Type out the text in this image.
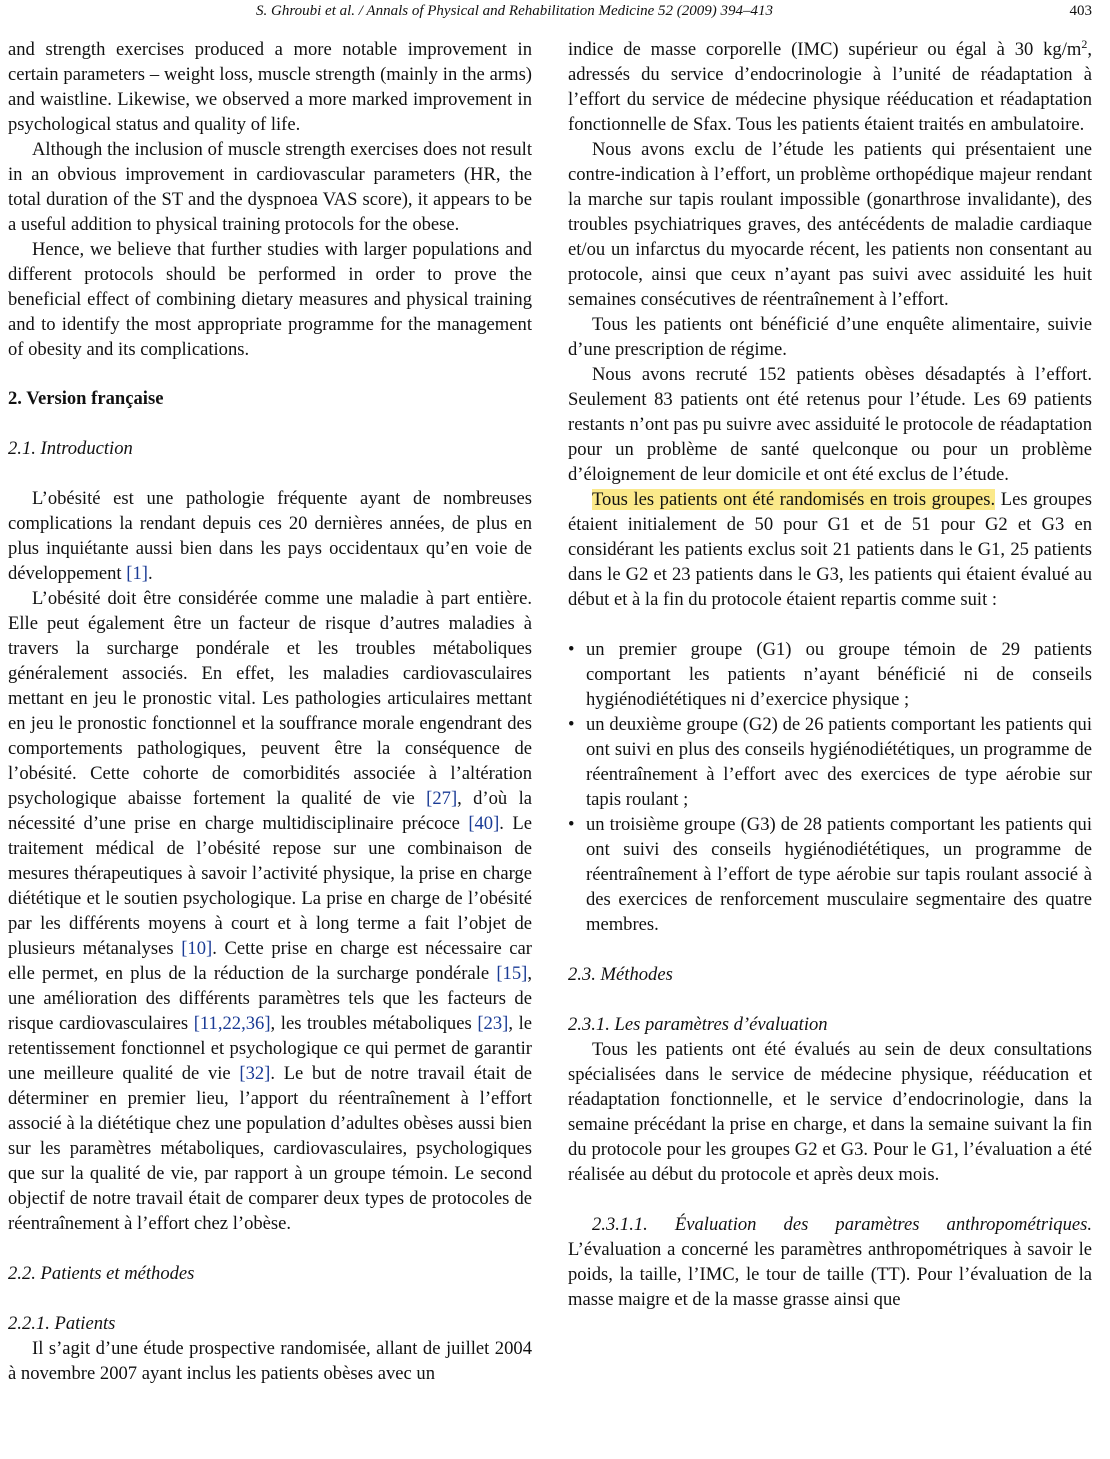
S. Ghroubi et al. / Annals of Physical and Rehabilitation Medicine 52 (2009) 394–413	403

and strength exercises produced a more notable improvement in certain parameters – weight loss, muscle strength (mainly in the arms) and waistline. Likewise, we observed a more marked improvement in psychological status and quality of life.

Although the inclusion of muscle strength exercises does not result in an obvious improvement in cardiovascular parameters (HR, the total duration of the ST and the dyspnoea VAS score), it appears to be a useful addition to physical training protocols for the obese.

Hence, we believe that further studies with larger populations and different protocols should be performed in order to prove the beneficial effect of combining dietary measures and physical training and to identify the most appropriate programme for the management of obesity and its complications.

2. Version française
2.1. Introduction

L’obésité est une pathologie fréquente ayant de nombreuses complications la rendant depuis ces 20 dernières années, de plus en plus inquiétante aussi bien dans les pays occidentaux qu’en voie de développement [1].

L’obésité doit être considérée comme une maladie à part entière. Elle peut également être un facteur de risque d’autres maladies à travers la surcharge pondérale et les troubles métaboliques généralement associés. En effet, les maladies cardiovasculaires mettant en jeu le pronostic vital. Les pathologies articulaires mettant en jeu le pronostic fonctionnel et la souffrance morale engendrant des comportements pathologiques, peuvent être la conséquence de l’obésité. Cette cohorte de comorbidités associée à l’altération psychologique abaisse fortement la qualité de vie [27], d’où la nécessité d’une prise en charge multidisciplinaire précoce [40]. Le traitement médical de l’obésité repose sur une combinaison de mesures thérapeutiques à savoir l’activité physique, la prise en charge diététique et le soutien psychologique. La prise en charge de l’obésité par les différents moyens à court et à long terme a fait l’objet de plusieurs métanalyses [10]. Cette prise en charge est nécessaire car elle permet, en plus de la réduction de la surcharge pondérale [15], une amélioration des différents paramètres tels que les facteurs de risque cardiovasculaires [11,22,36], les troubles métaboliques [23], le retentissement fonctionnel et psychologique ce qui permet de garantir une meilleure qualité de vie [32]. Le but de notre travail était de déterminer en premier lieu, l’apport du réentraînement à l’effort associé à la diététique chez une population d’adultes obèses aussi bien sur les paramètres métaboliques, cardiovasculaires, psychologiques que sur la qualité de vie, par rapport à un groupe témoin. Le second objectif de notre travail était de comparer deux types de protocoles de réentraînement à l’effort chez l’obèse.

2.2. Patients et méthodes
2.2.1. Patients

Il s’agit d’une étude prospective randomisée, allant de juillet 2004 à novembre 2007 ayant inclus les patients obèses avec un

indice de masse corporelle (IMC) supérieur ou égal à 30 $kg/m^2$, adressés du service d’endocrinologie à l’unité de réadaptation à l’effort du service de médecine physique rééducation et réadaptation fonctionnelle de Sfax. Tous les patients étaient traités en ambulatoire.

Nous avons exclu de l’étude les patients qui présentaient une contre-indication à l’effort, un problème orthopédique majeur rendant la marche sur tapis roulant impossible (gonarthrose invalidante), des troubles psychiatriques graves, des antécédents de maladie cardiaque et/ou un infarctus du myocarde récent, les patients non consentant au protocole, ainsi que ceux n’ayant pas suivi avec assiduité les huit semaines consécutives de réentraînement à l’effort.

Tous les patients ont bénéficié d’une enquête alimentaire, suivie d’une prescription de régime.

Nous avons recruté 152 patients obèses désadaptés à l’effort. Seulement 83 patients ont été retenus pour l’étude. Les 69 patients restants n’ont pas pu suivre avec assiduité le protocole de réadaptation pour un problème de santé quelconque ou pour un problème d’éloignement de leur domicile et ont été exclus de l’étude.

Tous les patients ont été randomisés en trois groupes. Les groupes étaient initialement de 50 pour G1 et de 51 pour G2 et G3 en considérant les patients exclus soit 21 patients dans le G1, 25 patients dans le G2 et 23 patients dans le G3, les patients qui étaient évalué au début et à la fin du protocole étaient repartis comme suit :

• un premier groupe (G1) ou groupe témoin de 29 patients comportant les patients n’ayant bénéficié ni de conseils hygiénodiététiques ni d’exercice physique ;
• un deuxième groupe (G2) de 26 patients comportant les patients qui ont suivi en plus des conseils hygiénodiététiques, un programme de réentraînement à l’effort avec des exercices de type aérobie sur tapis roulant ;
• un troisième groupe (G3) de 28 patients comportant les patients qui ont suivi des conseils hygiénodiététiques, un programme de réentraînement à l’effort de type aérobie sur tapis roulant associé à des exercices de renforcement musculaire segmentaire des quatre membres.
2.3. Méthodes
2.3.1. Les paramètres d’évaluation

Tous les patients ont été évalués au sein de deux consultations spécialisées dans le service de médecine physique, rééducation et réadaptation fonctionnelle, et le service d’endocrinologie, dans la semaine précédant la prise en charge, et dans la semaine suivant la fin du protocole pour les groupes G2 et G3. Pour le G1, l’évaluation a été réalisée au début du protocole et après deux mois.

2.3.1.1. Évaluation des paramètres anthropométriques. L’évaluation a concerné les paramètres anthropométriques à savoir le poids, la taille, l’IMC, le tour de taille (TT). Pour l’évaluation de la masse maigre et de la masse grasse ainsi que
